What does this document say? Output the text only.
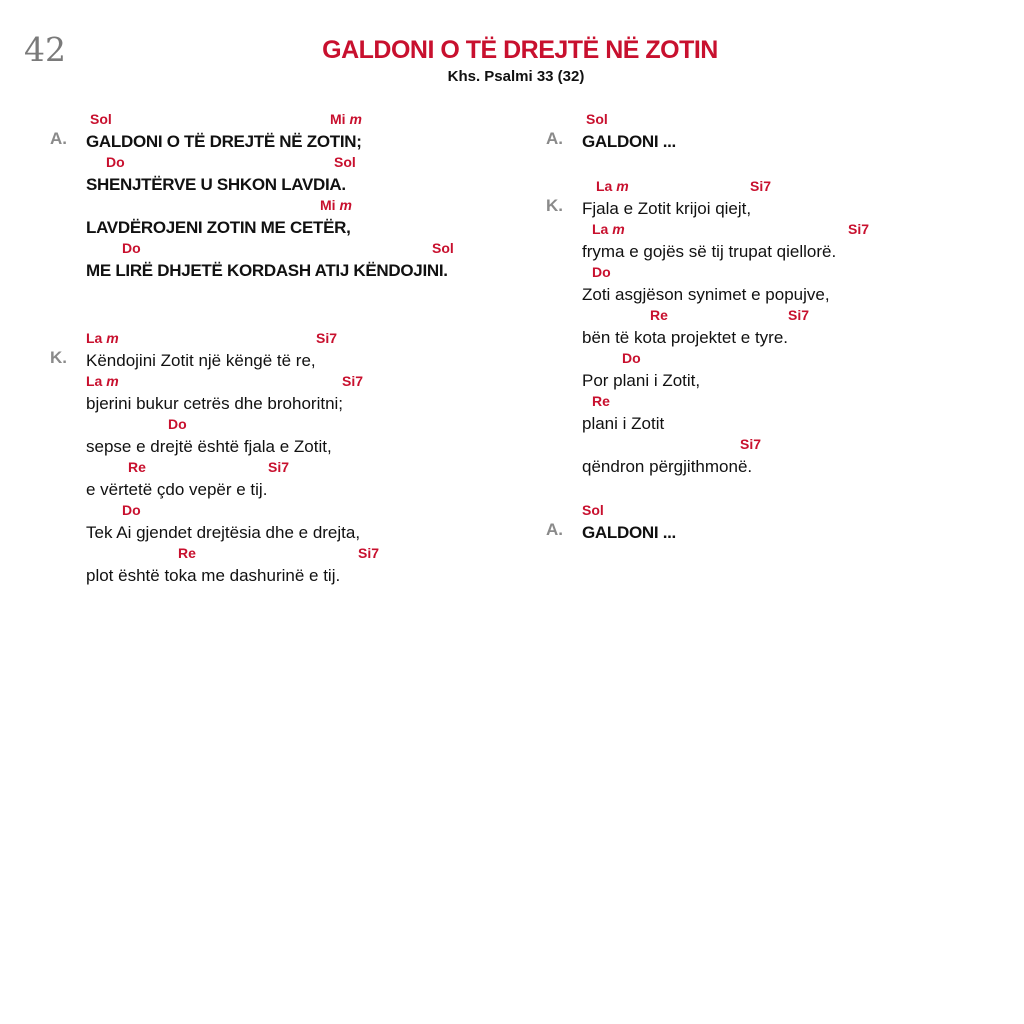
42	GALDONI O TË DREJTË NË ZOTIN
Khs. Psalmi 33 (32)
A.
Sol	Mi m
GALDONI O TË DREJTË NË ZOTIN;
Do	Sol
SHENJTËRVE U SHKON LAVDIA.
Mi m
LAVDËROJENI ZOTIN ME CETËR,
Do	Sol
ME LIRË DHJETË KORDASH ATIJ KËNDOJINI.
K.
La m	Si7
Këndojini Zotit një këngë të re,
La m	Si7
bjerini bukur cetrës dhe brohoritni;
Do
sepse e drejtë është fjala e Zotit,
Re	Si7
e vërtetë çdo vepër e tij.
Do
Tek Ai gjendet drejtësia dhe e drejta,
Re	Si7
plot është toka me dashurinë e tij.
A.
Sol
GALDONI ...
K.
La m	Si7
Fjala e Zotit krijoi qiejt,
La m	Si7
fryma e gojës së tij trupat qiellorë.
Do
Zoti asgjëson synimet e popujve,
Re	Si7
bën të kota projektet e tyre.
Do
Por plani i Zotit,
Re
plani i Zotit
Si7
qëndron përgjithmonë.
A.
Sol
GALDONI ...
